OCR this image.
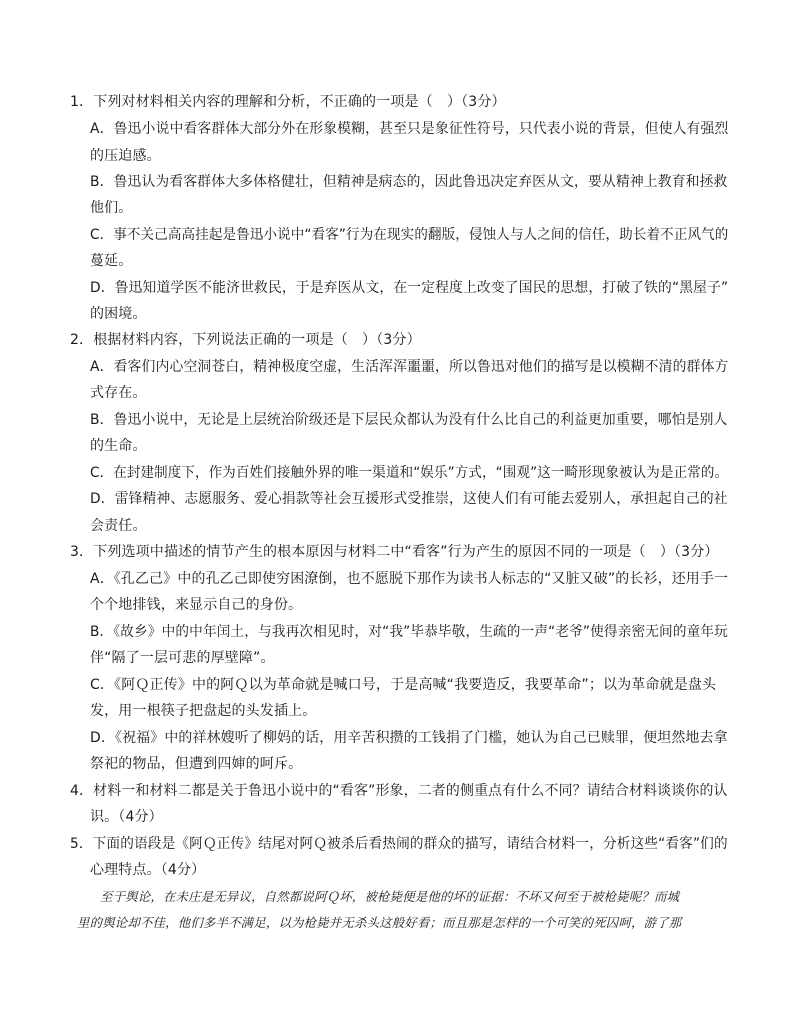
1．下列对材料相关内容的理解和分析，不正确的一项是（　）（3分）
A．鲁迅小说中看客群体大部分外在形象模糊，甚至只是象征性符号，只代表小说的背景，但使人有强烈
的压迫感。
B．鲁迅认为看客群体大多体格健壮，但精神是病态的，因此鲁迅决定弃医从文，要从精神上教育和拯救
他们。
C．事不关己高高挂起是鲁迅小说中“看客”行为在现实的翻版，侵蚀人与人之间的信任，助长着不正风气的
蔓延。
D．鲁迅知道学医不能济世救民，于是弃医从文，在一定程度上改变了国民的思想，打破了铁的“黑屋子”
的困境。
2．根据材料内容，下列说法正确的一项是（　）（3分）
A．看客们内心空洞苍白，精神极度空虚，生活浑浑噩噩，所以鲁迅对他们的描写是以模糊不清的群体方
式存在。
B．鲁迅小说中，无论是上层统治阶级还是下层民众都认为没有什么比自己的利益更加重要，哪怕是别人
的生命。
C．在封建制度下，作为百姓们接触外界的唯一渠道和“娱乐”方式，“围观”这一畸形现象被认为是正常的。
D．雷锋精神、志愿服务、爱心捐款等社会互援形式受推崇，这使人们有可能去爱别人，承担起自己的社
会责任。
3．下列选项中描述的情节产生的根本原因与材料二中“看客”行为产生的原因不同的一项是（　）（3分）
A．《孔乙己》中的孔乙己即使穷困潦倒，也不愿脱下那作为读书人标志的“又脏又破”的长衫，还用手一
个个地排钱，来显示自己的身份。
B．《故乡》中的中年闰土，与我再次相见时，对“我”毕恭毕敬，生疏的一声“老爷”使得亲密无间的童年玩
伴“隔了一层可悲的厚壁障”。
C．《阿Ｑ正传》中的阿Ｑ以为革命就是喊口号，于是高喊“我要造反，我要革命”；以为革命就是盘头
发，用一根筷子把盘起的头发插上。
D．《祝福》中的祥林嫂听了柳妈的话，用辛苦积攒的工钱捐了门槛，她认为自己已赎罪，便坦然地去拿
祭祀的物品，但遭到四婶的呵斥。
4．材料一和材料二都是关于鲁迅小说中的“看客”形象，二者的侧重点有什么不同？请结合材料谈谈你的认
识。（4分）
5．下面的语段是《阿Ｑ正传》结尾对阿Ｑ被杀后看热闹的群众的描写，请结合材料一，分析这些“看客”们的
心理特点。（4分）
至于舆论，在未庄是无异议，自然都说阿Ｑ坏，被枪毙便是他的坏的证据：不坏又何至于被枪毙呢？而城
里的舆论却不佳，他们多半不满足，以为枪毙并无杀头这般好看；而且那是怎样的一个可笑的死囚呵，游了那
